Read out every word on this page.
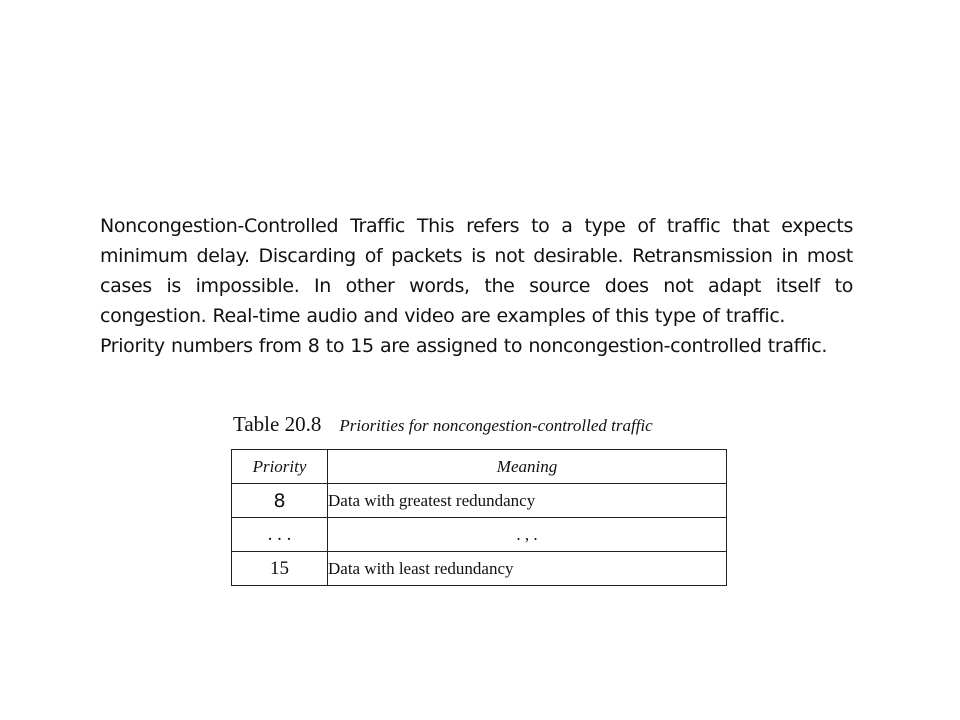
Noncongestion-Controlled Traffic This refers to a type of traffic that expects minimum delay. Discarding of packets is not desirable. Retransmission in most cases is impossible. In other words, the source does not adapt itself to congestion. Real-time audio and video are examples of this type of traffic.

Priority numbers from 8 to 15 are assigned to noncongestion-controlled traffic.

Table 20.8 Priorities for noncongestion-controlled traffic
Priority	Meaning
8	Data with greatest redundancy
. . .	. , .
15	Data with least redundancy
